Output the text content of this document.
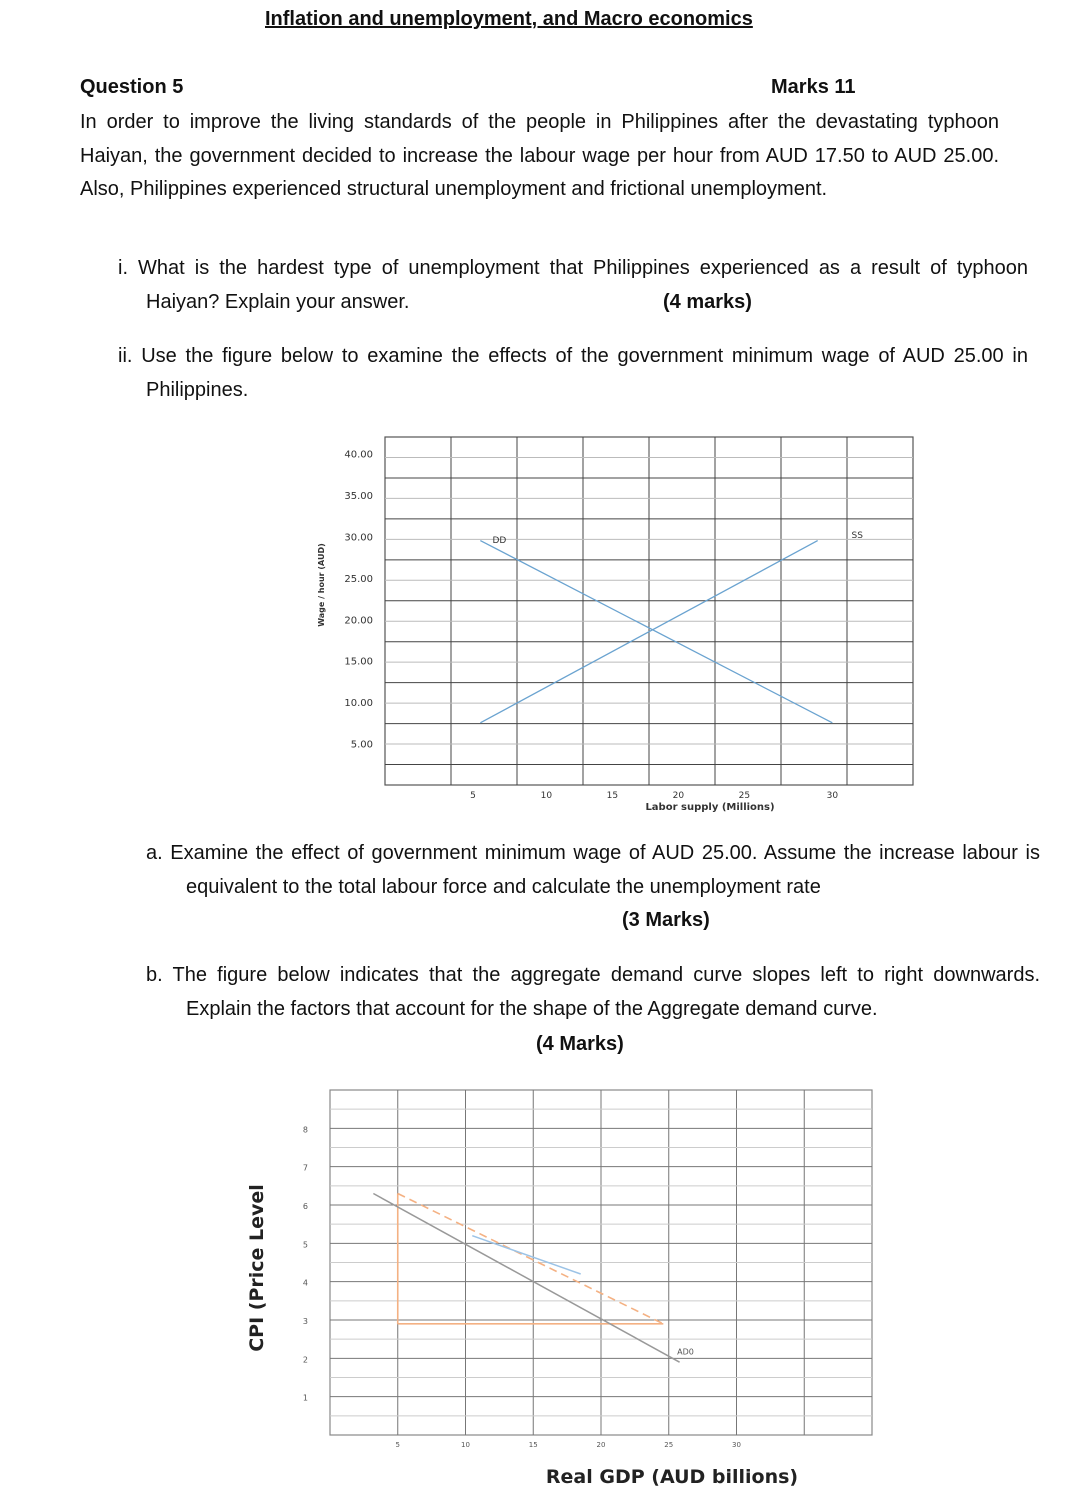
Inflation and unemployment, and Macro economics
Question 5	Marks 11
In order to improve the living standards of the people in Philippines after the devastating typhoon Haiyan, the government decided to increase the labour wage per hour from AUD 17.50 to AUD 25.00. Also, Philippines experienced structural unemployment and frictional unemployment.
i. What is the hardest type of unemployment that Philippines experienced as a result of typhoon Haiyan? Explain your answer.	(4 marks)
ii. Use the figure below to examine the effects of the government minimum wage of AUD 25.00 in Philippines.
40.00
35.00
30.00
25.00
20.00
15.00
10.00
5.00
5	10	15	20	25	30
Labor supply (Millions)
Wage / hour (AUD)
DD	SS
a. Examine the effect of government minimum wage of AUD 25.00. Assume the increase labour is equivalent to the total labour force and calculate the unemployment rate
(3 Marks)
b. The figure below indicates that the aggregate demand curve slopes left to right downwards. Explain the factors that account for the shape of the Aggregate demand curve.
(4 Marks)
8
7
6
5
4
3
2
1
5	10	15	20	25	30
Real GDP (AUD billions)
CPI (Price Level
AD0
